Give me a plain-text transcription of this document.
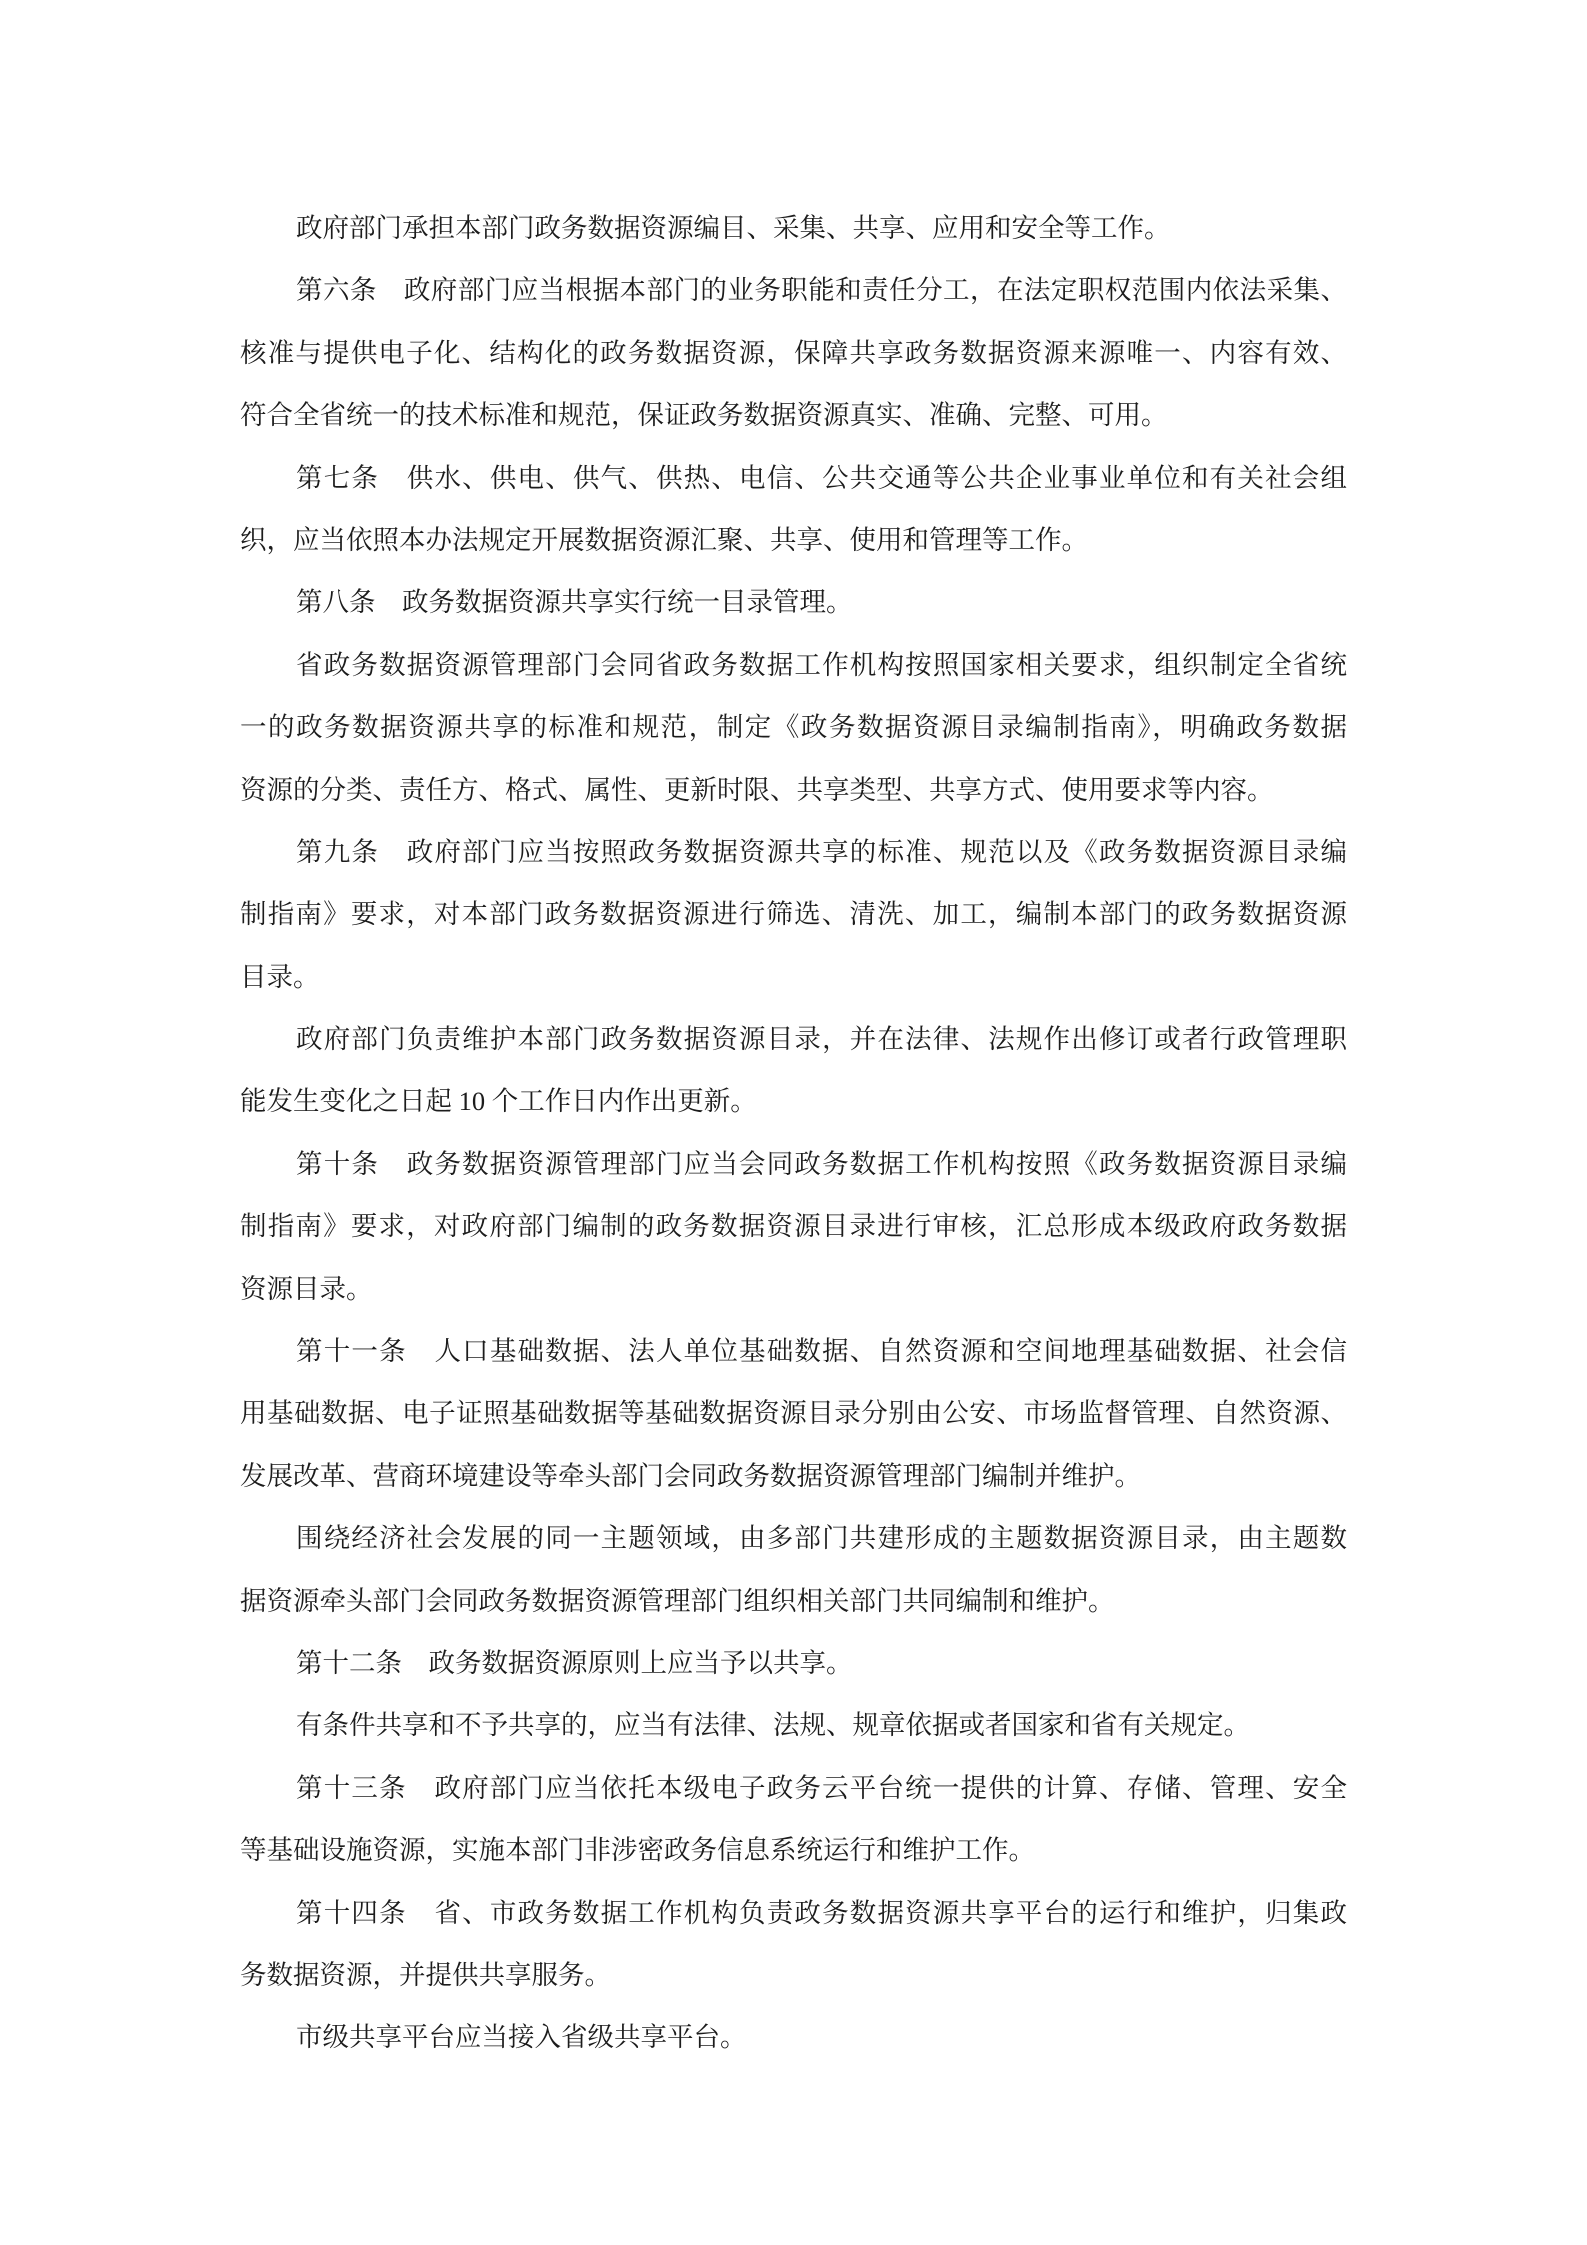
政府部门承担本部门政务数据资源编目、采集、共享、应用和安全等工作。
第六条　政府部门应当根据本部门的业务职能和责任分工，在法定职权范围内依法采集、
核准与提供电子化、结构化的政务数据资源，保障共享政务数据资源来源唯一、内容有效、
符合全省统一的技术标准和规范，保证政务数据资源真实、准确、完整、可用。
第七条　供水、供电、供气、供热、电信、公共交通等公共企业事业单位和有关社会组
织，应当依照本办法规定开展数据资源汇聚、共享、使用和管理等工作。
第八条　政务数据资源共享实行统一目录管理。
省政务数据资源管理部门会同省政务数据工作机构按照国家相关要求，组织制定全省统
一的政务数据资源共享的标准和规范，制定《政务数据资源目录编制指南》，明确政务数据
资源的分类、责任方、格式、属性、更新时限、共享类型、共享方式、使用要求等内容。
第九条　政府部门应当按照政务数据资源共享的标准、规范以及《政务数据资源目录编
制指南》要求，对本部门政务数据资源进行筛选、清洗、加工，编制本部门的政务数据资源
目录。
政府部门负责维护本部门政务数据资源目录，并在法律、法规作出修订或者行政管理职
能发生变化之日起 10 个工作日内作出更新。
第十条　政务数据资源管理部门应当会同政务数据工作机构按照《政务数据资源目录编
制指南》要求，对政府部门编制的政务数据资源目录进行审核，汇总形成本级政府政务数据
资源目录。
第十一条　人口基础数据、法人单位基础数据、自然资源和空间地理基础数据、社会信
用基础数据、电子证照基础数据等基础数据资源目录分别由公安、市场监督管理、自然资源、
发展改革、营商环境建设等牵头部门会同政务数据资源管理部门编制并维护。
围绕经济社会发展的同一主题领域，由多部门共建形成的主题数据资源目录，由主题数
据资源牵头部门会同政务数据资源管理部门组织相关部门共同编制和维护。
第十二条　政务数据资源原则上应当予以共享。
有条件共享和不予共享的，应当有法律、法规、规章依据或者国家和省有关规定。
第十三条　政府部门应当依托本级电子政务云平台统一提供的计算、存储、管理、安全
等基础设施资源，实施本部门非涉密政务信息系统运行和维护工作。
第十四条　省、市政务数据工作机构负责政务数据资源共享平台的运行和维护，归集政
务数据资源，并提供共享服务。
市级共享平台应当接入省级共享平台。
